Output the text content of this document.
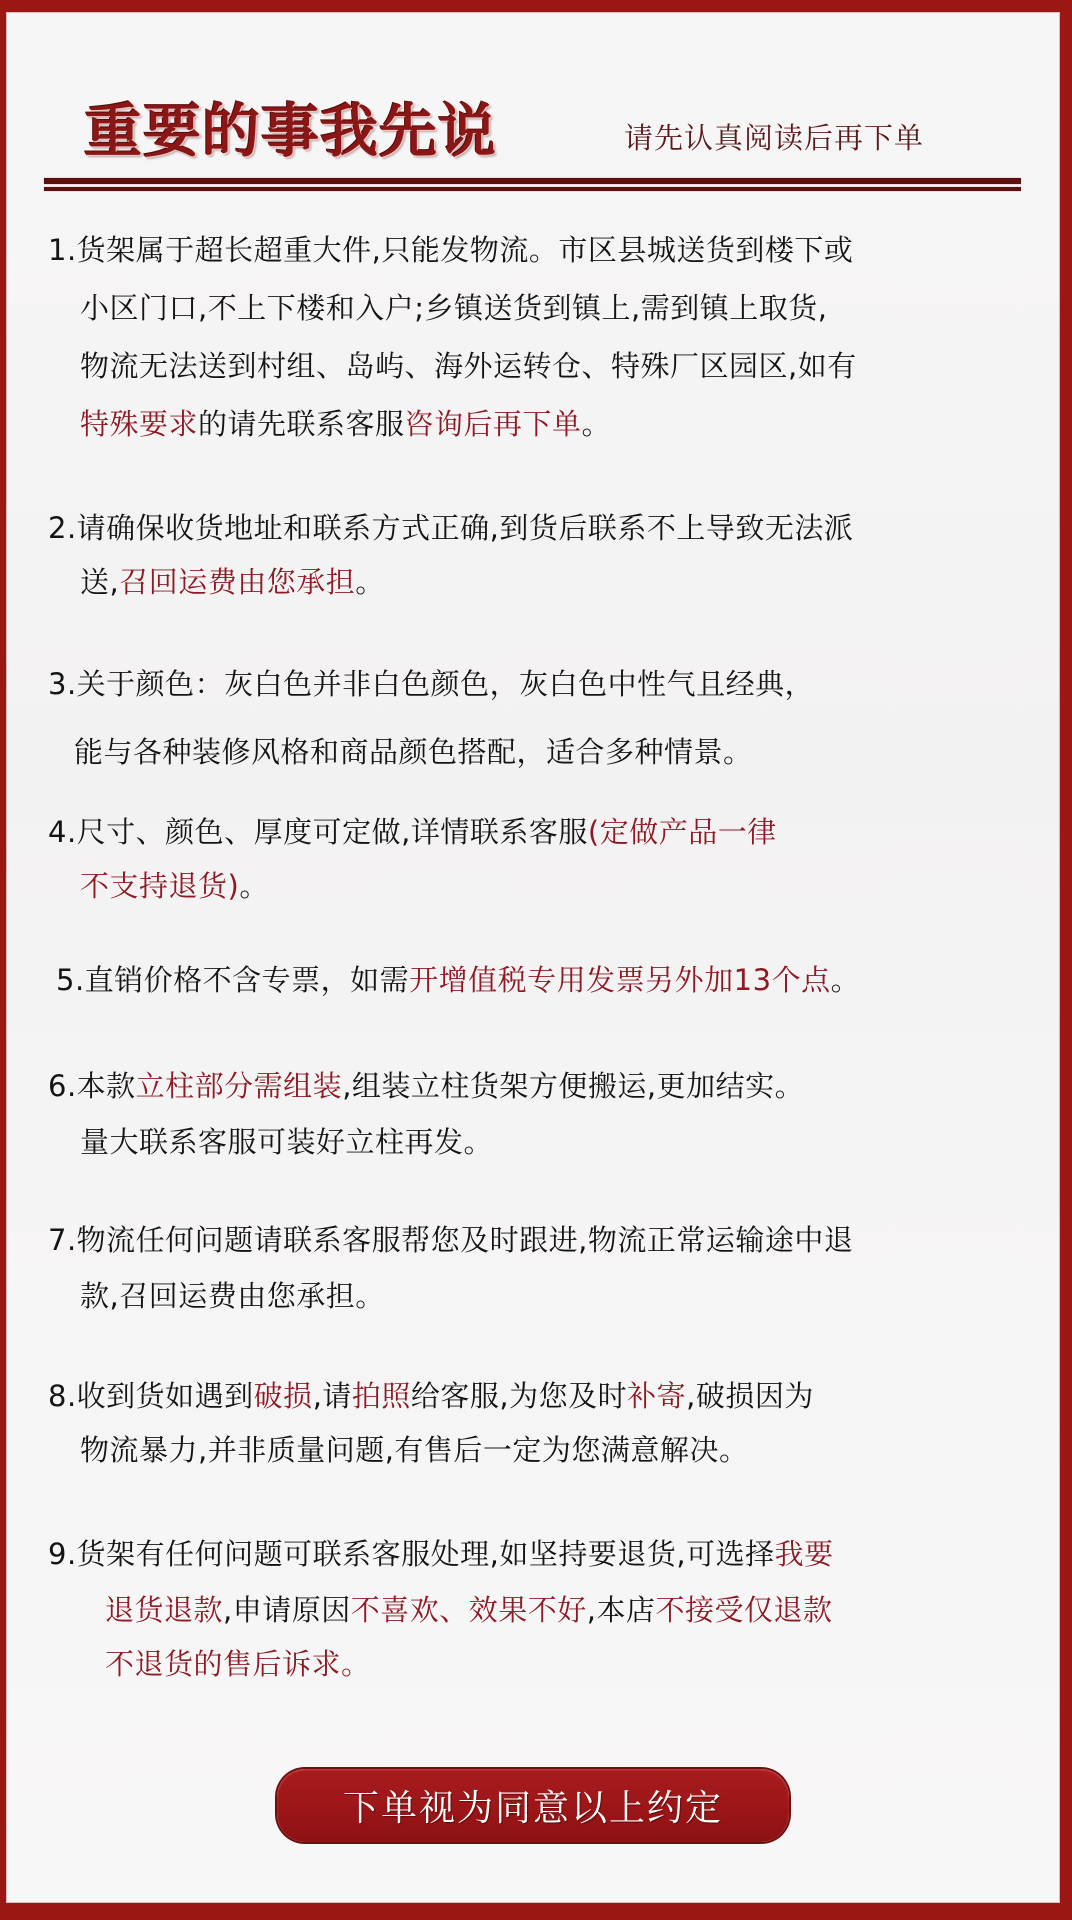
重要的事我先说	请先认真阅读后再下单
1.货架属于超长超重大件,只能发物流。市区县城送货到楼下或
小区门口,不上下楼和入户;乡镇送货到镇上,需到镇上取货,
物流无法送到村组、岛屿、海外运转仓、特殊厂区园区,如有
特殊要求的请先联系客服咨询后再下单。
2.请确保收货地址和联系方式正确,到货后联系不上导致无法派
送,召回运费由您承担。
3.关于颜色：灰白色并非白色颜色，灰白色中性气且经典，
能与各种装修风格和商品颜色搭配，适合多种情景。
4.尺寸、颜色、厚度可定做,详情联系客服(定做产品一律
不支持退货)。
5.直销价格不含专票，如需开增值税专用发票另外加13个点。
6.本款立柱部分需组装,组装立柱货架方便搬运,更加结实。
量大联系客服可装好立柱再发。
7.物流任何问题请联系客服帮您及时跟进,物流正常运输途中退
款,召回运费由您承担。
8.收到货如遇到破损,请拍照给客服,为您及时补寄,破损因为
物流暴力,并非质量问题,有售后一定为您满意解决。
9.货架有任何问题可联系客服处理,如坚持要退货,可选择我要
退货退款,申请原因不喜欢、效果不好,本店不接受仅退款
不退货的售后诉求。
下单视为同意以上约定
